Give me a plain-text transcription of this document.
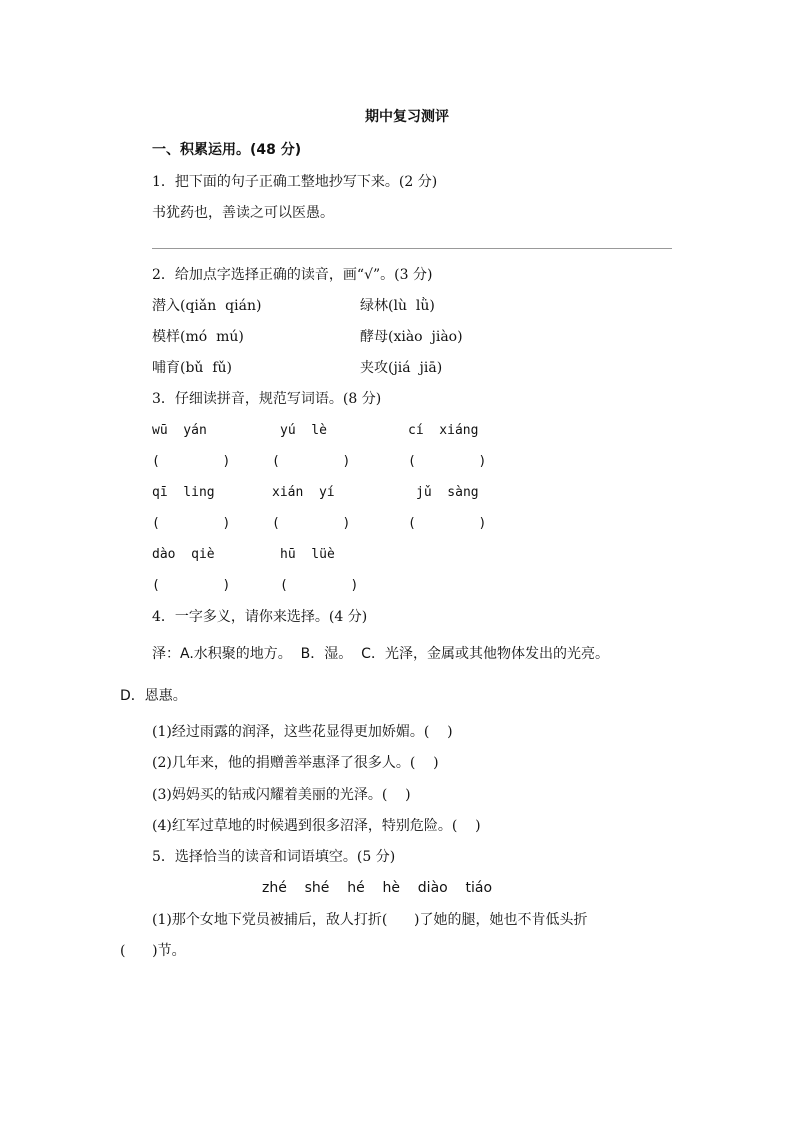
期中复习测评
一、积累运用。(48 分)
1．把下面的句子正确工整地抄写下来。(2 分)
书犹药也，善读之可以医愚。
2．给加点字选择正确的读音，画“√”。(3 分)
潜入(qiǎn  qián)	绿林(lù  lǜ)
模样(mó  mú)	酵母(xiào  jiào)
哺育(bǔ  fǔ)	夹攻(jiá  jiā)
3．仔细读拼音，规范写词语。(8 分)
wū  yán	yú  lè	cí  xiáng
(        )	(        )	(        )
qī  ling	xián  yí	jǔ  sàng
(        )	(        )	(        )
dào  qiè	hū  lüè
(        )	(        )
4．一字多义，请你来选择。(4 分)
泽：A.水积聚的地方。  B．湿。  C．光泽，金属或其他物体发出的光亮。
D．恩惠。
(1)经过雨露的润泽，这些花显得更加娇媚。(    )
(2)几年来，他的捐赠善举惠泽了很多人。(    )
(3)妈妈买的钻戒闪耀着美丽的光泽。(    )
(4)红军过草地的时候遇到很多沼泽，特别危险。(    )
5．选择恰当的读音和词语填空。(5 分)
zhé    shé    hé    hè    diào    tiáo
(1)那个女地下党员被捕后，敌人打折(      )了她的腿，她也不肯低头折
(      )节。
